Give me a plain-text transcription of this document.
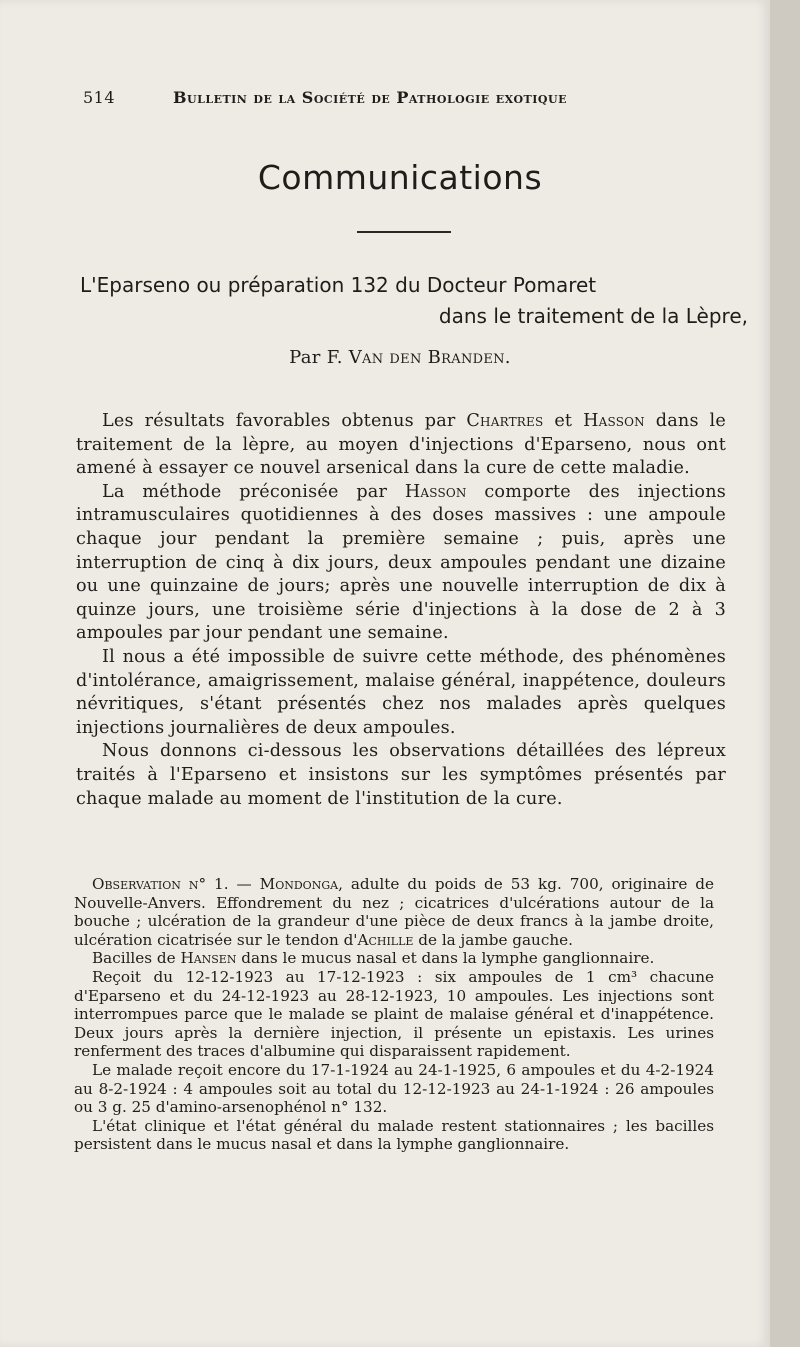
514	Bulletin de la Société de Pathologie exotique
Communications
L'Eparseno ou préparation 132 du Docteur Pomaret
dans le traitement de la Lèpre,
Par F. Van den Branden.

Les résultats favorables obtenus par Chartres et Hasson dans le traitement de la lèpre, au moyen d'injections d'Eparseno, nous ont amené à essayer ce nouvel arsenical dans la cure de cette maladie.

La méthode préconisée par Hasson comporte des injections intramusculaires quotidiennes à des doses massives : une ampoule chaque jour pendant la première semaine ; puis, après une interruption de cinq à dix jours, deux ampoules pendant une dizaine ou une quinzaine de jours; après une nouvelle interruption de dix à quinze jours, une troisième série d'injections à la dose de 2 à 3 ampoules par jour pendant une semaine.

Il nous a été impossible de suivre cette méthode, des phénomènes d'intolérance, amaigrissement, malaise général, inappétence, douleurs névritiques, s'étant présentés chez nos malades après quelques injections journalières de deux ampoules.

Nous donnons ci-dessous les observations détaillées des lépreux traités à l'Eparseno et insistons sur les symptômes présentés par chaque malade au moment de l'institution de la cure.

Observation n° 1. — Mondonga, adulte du poids de 53 kg. 700, originaire de Nouvelle-Anvers. Effondrement du nez ; cicatrices d'ulcérations autour de la bouche ; ulcération de la grandeur d'une pièce de deux francs à la jambe droite, ulcération cicatrisée sur le tendon d'Achille de la jambe gauche.

Bacilles de Hansen dans le mucus nasal et dans la lymphe ganglionnaire.

Reçoit du 12-12-1923 au 17-12-1923 : six ampoules de 1 cm³ chacune d'Eparseno et du 24-12-1923 au 28-12-1923, 10 ampoules. Les injections sont interrompues parce que le malade se plaint de malaise général et d'inappétence. Deux jours après la dernière injection, il présente un epistaxis. Les urines renferment des traces d'albumine qui disparaissent rapidement.

Le malade reçoit encore du 17-1-1924 au 24-1-1925, 6 ampoules et du 4-2-1924 au 8-2-1924 : 4 ampoules soit au total du 12-12-1923 au 24-1-1924 : 26 ampoules ou 3 g. 25 d'amino-arsenophénol n° 132.

L'état clinique et l'état général du malade restent stationnaires ; les bacilles persistent dans le mucus nasal et dans la lymphe ganglionnaire.
